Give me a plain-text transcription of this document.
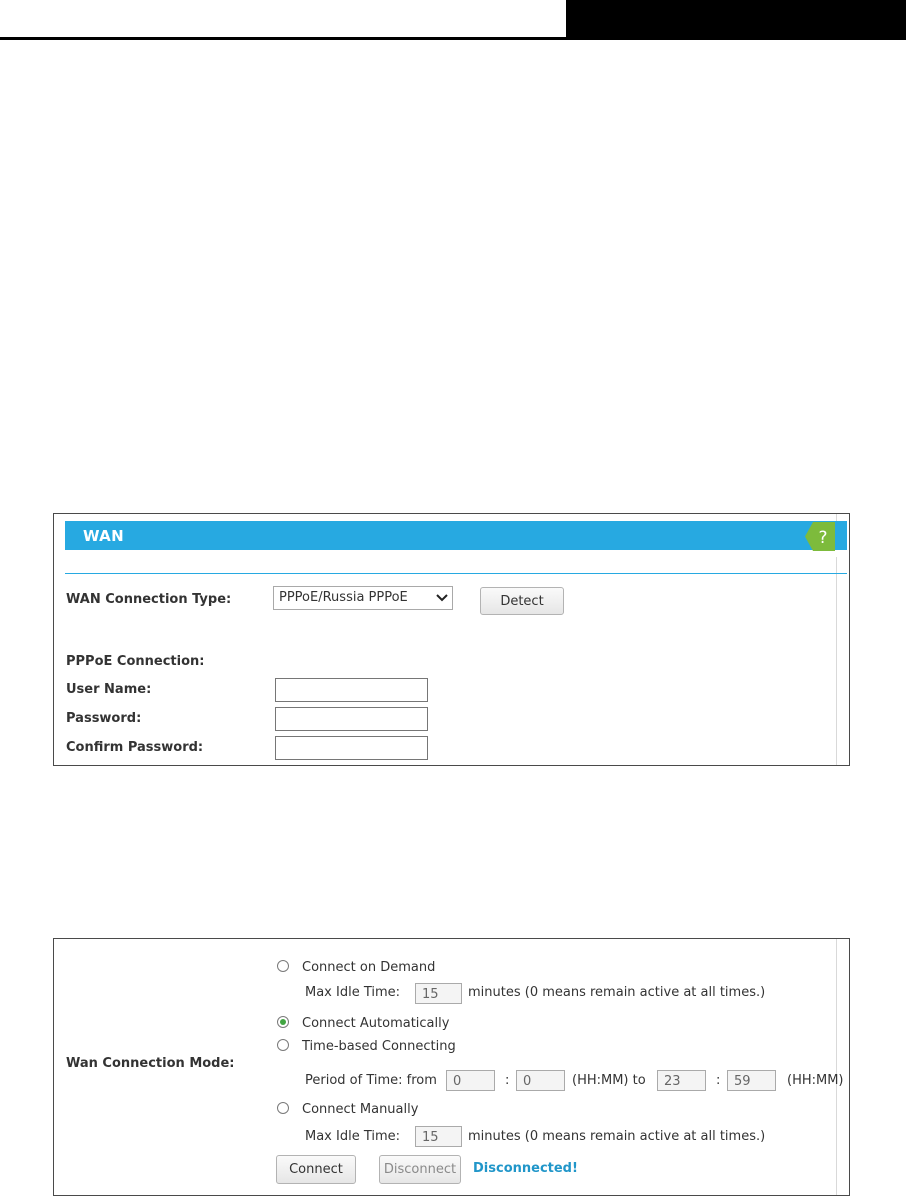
WAN	?
WAN Connection Type:	PPPoE/Russia PPPoE	Detect
PPPoE Connection:
User Name:
Password:
Confirm Password:
Wan Connection Mode:
Connect on Demand
Max Idle Time:	15	minutes (0 means remain active at all times.)
Connect Automatically
Time-based Connecting
Period of Time: from	0	:	0	(HH:MM) to	23	:	59	(HH:MM)
Connect Manually
Max Idle Time:	15	minutes (0 means remain active at all times.)
Connect	Disconnect	Disconnected!
